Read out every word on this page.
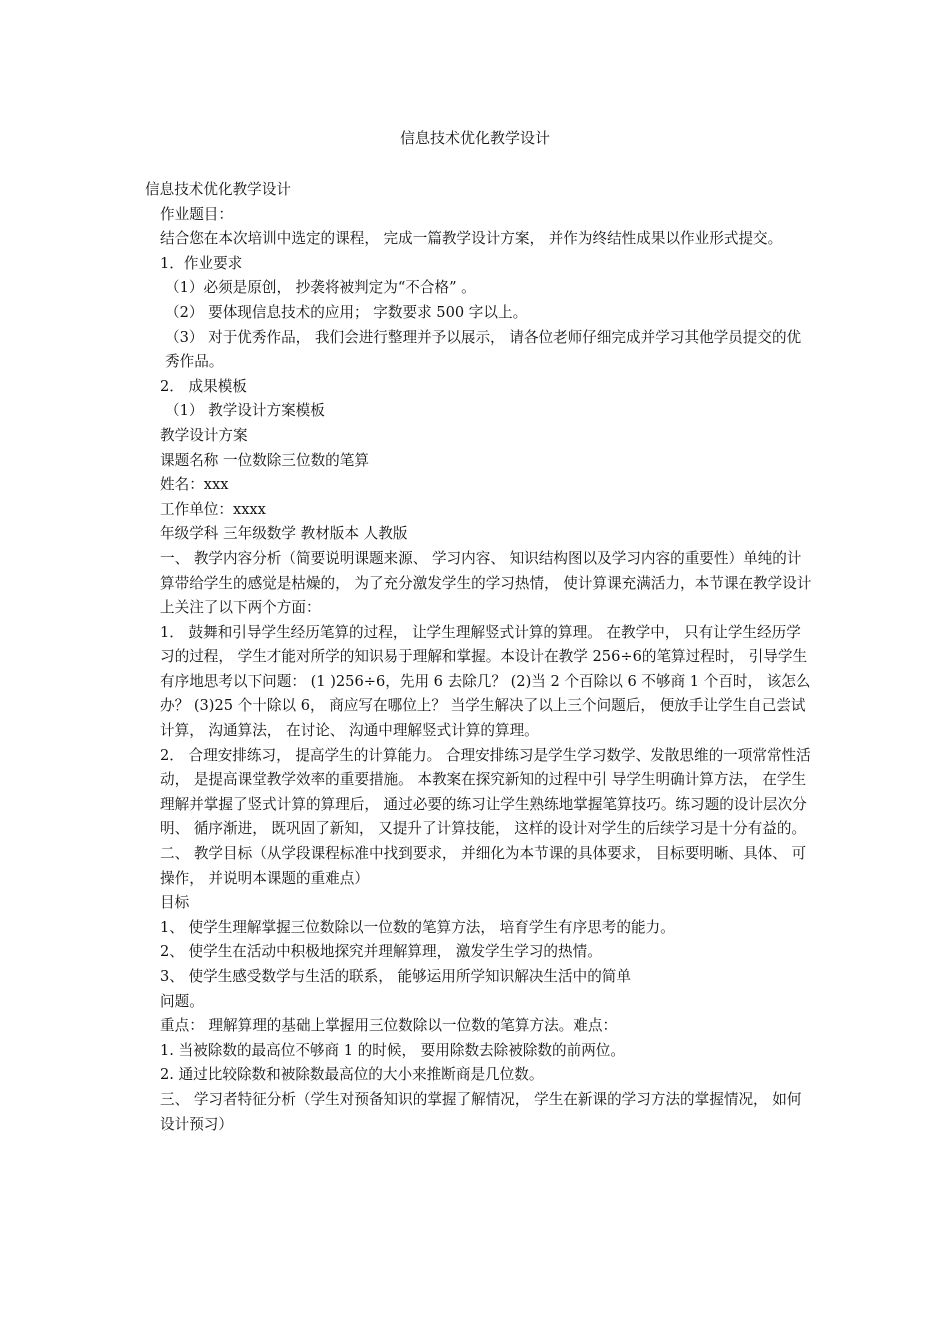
信息技术优化教学设计

信息技术优化教学设计

作业题目：

结合您在本次培训中选定的课程， 完成一篇教学设计方案， 并作为终结性成果以作业形式提交。

1．作业要求

（1）必须是原创， 抄袭将被判定为“不合格” 。

（2） 要体现信息技术的应用； 字数要求 500 字以上。

（3） 对于优秀作品， 我们会进行整理并予以展示， 请各位老师仔细完成并学习其他学员提交的优秀作品。

2． 成果模板

（1） 教学设计方案模板

教学设计方案

课题名称 一位数除三位数的笔算

姓名：xxx

工作单位：xxxx

年级学科 三年级数学 教材版本 人教版

一、 教学内容分析（简要说明课题来源、 学习内容、 知识结构图以及学习内容的重要性）单纯的计算带给学生的感觉是枯燥的， 为了充分激发学生的学习热情， 使计算课充满活力，本节课在教学设计上关注了以下两个方面：

1． 鼓舞和引导学生经历笔算的过程， 让学生理解竖式计算的算理。 在教学中， 只有让学生经历学习的过程， 学生才能对所学的知识易于理解和掌握。本设计在教学 256÷6的笔算过程时， 引导学生有序地思考以下问题： (1 )256÷6，先用 6 去除几？ (2)当 2 个百除以 6 不够商 1 个百时， 该怎么办？ (3)25 个十除以 6， 商应写在哪位上？ 当学生解决了以上三个问题后， 便放手让学生自己尝试计算， 沟通算法， 在讨论、 沟通中理解竖式计算的算理。

2． 合理安排练习， 提高学生的计算能力。 合理安排练习是学生学习数学、发散思维的一项常常性活动， 是提高课堂教学效率的重要措施。 本教案在探究新知的过程中引 导学生明确计算方法， 在学生理解并掌握了竖式计算的算理后， 通过必要的练习让学生熟练地掌握笔算技巧。练习题的设计层次分明、 循序渐进， 既巩固了新知， 又提升了计算技能， 这样的设计对学生的后续学习是十分有益的。

二、 教学目标（从学段课程标准中找到要求， 并细化为本节课的具体要求， 目标要明晰、具体、 可操作， 并说明本课题的重难点）

目标

1、 使学生理解掌握三位数除以一位数的笔算方法， 培育学生有序思考的能力。

2、 使学生在活动中积极地探究并理解算理， 激发学生学习的热情。

3、 使学生感受数学与生活的联系， 能够运用所学知识解决生活中的简单

问题。

重点： 理解算理的基础上掌握用三位数除以一位数的笔算方法。难点：

1. 当被除数的最高位不够商 1 的时候， 要用除数去除被除数的前两位。

2. 通过比较除数和被除数最高位的大小来推断商是几位数。

三、 学习者特征分析（学生对预备知识的掌握了解情况， 学生在新课的学习方法的掌握情况， 如何设计预习）
